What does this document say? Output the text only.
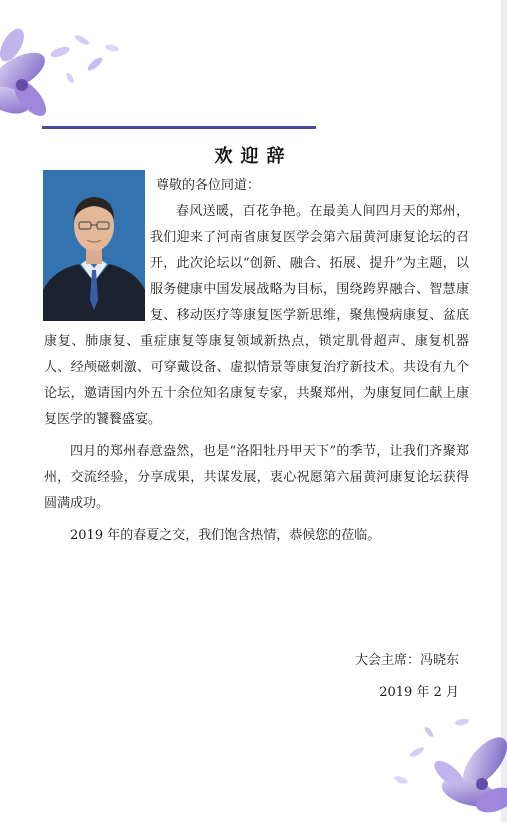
欢迎辞

尊敬的各位同道：

春风送暖，百花争艳。在最美人间四月天的郑州，我们迎来了河南省康复医学会第六届黄河康复论坛的召开，此次论坛以“创新、融合、拓展、提升”为主题，以服务健康中国发展战略为目标，围绕跨界融合、智慧康复、移动医疗等康复医学新思维，聚焦慢病康复、盆底康复、肺康复、重症康复等康复领域新热点，锁定肌骨超声、康复机器人、经颅磁刺激、可穿戴设备、虚拟情景等康复治疗新技术。共设有九个论坛，邀请国内外五十余位知名康复专家，共聚郑州，为康复同仁献上康复医学的饕餮盛宴。

四月的郑州春意盎然，也是“洛阳牡丹甲天下”的季节，让我们齐聚郑州，交流经验，分享成果，共谋发展，衷心祝愿第六届黄河康复论坛获得圆满成功。

2019 年的春夏之交，我们饱含热情，恭候您的莅临。

大会主席：冯晓东
2019 年 2 月
